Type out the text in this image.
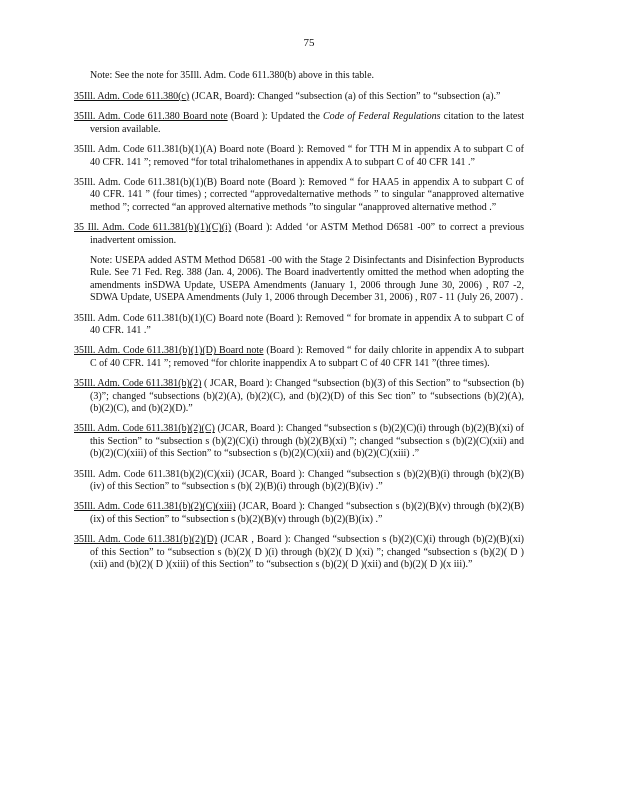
75

Note: See the note for 35Ill. Adm. Code 611.380(b) above in this table.

35Ill. Adm. Code 611.380(c) (JCAR, Board): Changed “subsection (a) of this Section” to “subsection (a).”

35Ill. Adm. Code 611.380 Board note (Board ): Updated the Code of Federal Regulations citation to the latest version available.

35Ill. Adm. Code 611.381(b)(1)(A) Board note (Board ): Removed “ for TTH M in appendix A to subpart C of 40 CFR. 141 ”; removed “for total trihalomethanes in appendix A to subpart C of 40 CFR 141 .”

35Ill. Adm. Code 611.381(b)(1)(B) Board note (Board ): Removed “ for HAA5 in appendix A to subpart C of 40 CFR. 141 ” (four times) ; corrected “approvedalternative methods ” to singular “anapproved alternative method ”; corrected “an approved alternative methods ”to singular “anapproved alternative method .”

35 Ill. Adm. Code 611.381(b)(1)(C)(i) (Board ): Added ‘or ASTM Method D6581 -00” to correct a previous inadvertent omission.

Note: USEPA added ASTM Method D6581 -00 with the Stage 2 Disinfectants and Disinfection Byproducts Rule. See 71 Fed. Reg. 388 (Jan. 4, 2006). The Board inadvertently omitted the method when adopting the amendments inSDWA Update, USEPA Amendments (January 1, 2006 through June 30, 2006) , R07 -2, SDWA Update, USEPA Amendments (July 1, 2006 through December 31, 2006) , R07 - 11 (July 26, 2007) .

35Ill. Adm. Code 611.381(b)(1)(C) Board note (Board ): Removed “ for bromate in appendix A to subpart C of 40 CFR. 141 .”

35Ill. Adm. Code 611.381(b)(1)(D) Board note (Board ): Removed “ for daily chlorite in appendix A to subpart C of 40 CFR. 141 ”; removed “for chlorite inappendix A to subpart C of 40 CFR 141 ”(three times).

35Ill. Adm. Code 611.381(b)(2) ( JCAR, Board ): Changed “subsection (b)(3) of this Section” to “subsection (b)(3)”; changed “subsections (b)(2)(A), (b)(2)(C), and (b)(2)(D) of this Sec tion” to “subsections (b)(2)(A), (b)(2)(C), and (b)(2)(D).”

35Ill. Adm. Code 611.381(b)(2)(C) (JCAR, Board ): Changed “subsection s (b)(2)(C)(i) through (b)(2)(B)(xi) of this Section” to “subsection s (b)(2)(C)(i) through (b)(2)(B)(xi) ”; changed “subsection s (b)(2)(C)(xii) and (b)(2)(C)(xiii) of this Section” to “subsection s (b)(2)(C)(xii) and (b)(2)(C)(xiii) .”

35Ill. Adm. Code 611.381(b)(2)(C)(xii) (JCAR, Board ): Changed “subsection s (b)(2)(B)(i) through (b)(2)(B)(iv) of this Section” to “subsection s (b)( 2)(B)(i) through (b)(2)(B)(iv) .”

35Ill. Adm. Code 611.381(b)(2)(C)(xiii) (JCAR, Board ): Changed “subsection s (b)(2)(B)(v) through (b)(2)(B)(ix) of this Section” to “subsection s (b)(2)(B)(v) through (b)(2)(B)(ix) .”

35Ill. Adm. Code 611.381(b)(2)(D) (JCAR , Board ): Changed “subsection s (b)(2)(C)(i) through (b)(2)(B)(xi) of this Section” to “subsection s (b)(2)( D )(i) through (b)(2)( D )(xi) ”; changed “subsection s (b)(2)( D )(xii) and (b)(2)( D )(xiii) of this Section” to “subsection s (b)(2)( D )(xii) and (b)(2)( D )(x iii).”
